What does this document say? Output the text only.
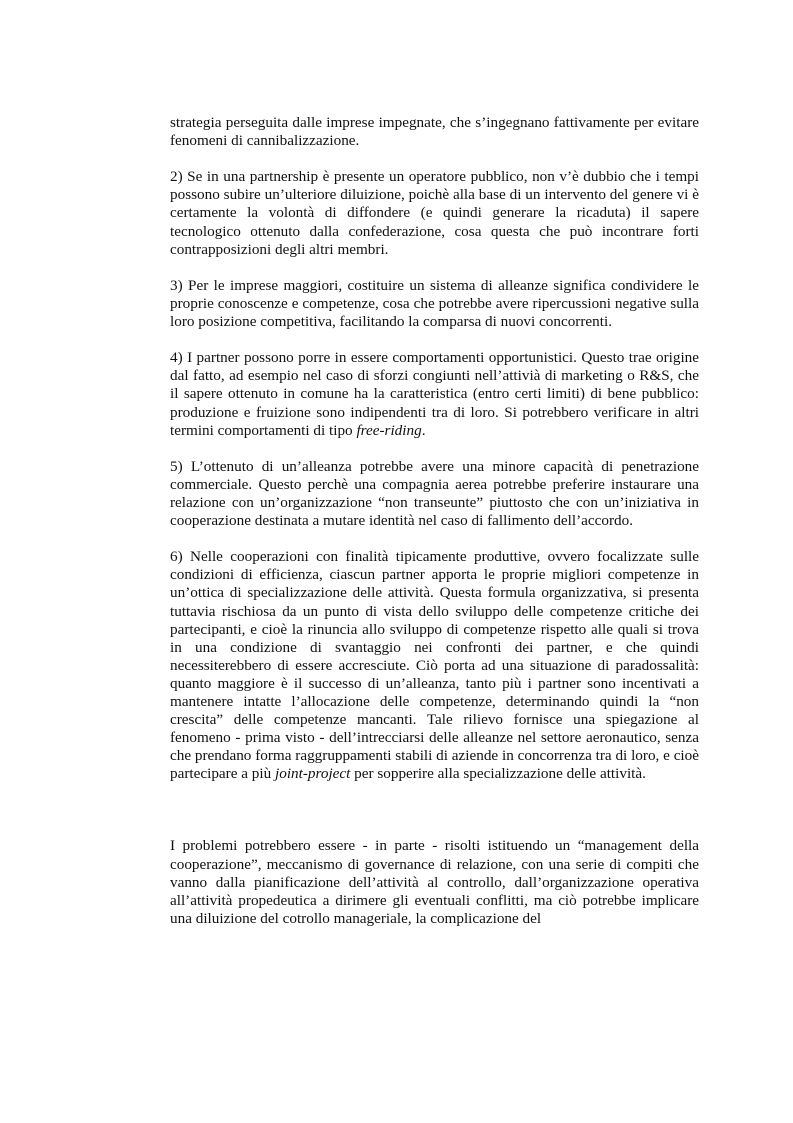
strategia perseguita dalle imprese impegnate, che s’ingegnano fattivamente per evitare fenomeni di cannibalizzazione.

2) Se in una partnership è presente un operatore pubblico, non v’è dubbio che i tempi possono subire un’ulteriore diluizione, poichè alla base di un intervento del genere vi è certamente la volontà di diffondere (e quindi generare la ricaduta) il sapere tecnologico ottenuto dalla confederazione, cosa questa che può incontrare forti contrapposizioni degli altri membri.

3) Per le imprese maggiori, costituire un sistema di alleanze significa condividere le proprie conoscenze e competenze, cosa che potrebbe avere ripercussioni negative sulla loro posizione competitiva, facilitando la comparsa di nuovi concorrenti.

4) I partner possono porre in essere comportamenti opportunistici. Questo trae origine dal fatto, ad esempio nel caso di sforzi congiunti nell’attivià di marketing o R&S, che il sapere ottenuto in comune ha la caratteristica (entro certi limiti) di bene pubblico: produzione e fruizione sono indipendenti tra di loro. Si potrebbero verificare in altri termini comportamenti di tipo free-riding.

5) L’ottenuto di un’alleanza potrebbe avere una minore capacità di penetrazione commerciale. Questo perchè una compagnia aerea potrebbe preferire instaurare una relazione con un’organizzazione “non transeunte” piuttosto che con un’iniziativa in cooperazione destinata a mutare identità nel caso di fallimento dell’accordo.

6) Nelle cooperazioni con finalità tipicamente produttive, ovvero focalizzate sulle condizioni di efficienza, ciascun partner apporta le proprie migliori competenze in un’ottica di specializzazione delle attività. Questa formula organizzativa, si presenta tuttavia rischiosa da un punto di vista dello sviluppo delle competenze critiche dei partecipanti, e cioè la rinuncia allo sviluppo di competenze rispetto alle quali si trova in una condizione di svantaggio nei confronti dei partner, e che quindi necessiterebbero di essere accresciute. Ciò porta ad una situazione di paradossalità: quanto maggiore è il successo di un’alleanza, tanto più i partner sono incentivati a mantenere intatte l’allocazione delle competenze, determinando quindi la “non crescita” delle competenze mancanti. Tale rilievo fornisce una spiegazione al fenomeno - prima visto - dell’intrecciarsi delle alleanze nel settore aeronautico, senza che prendano forma raggruppamenti stabili di aziende in concorrenza tra di loro, e cioè partecipare a più joint-project per sopperire alla specializzazione delle attività.

I problemi potrebbero essere - in parte - risolti istituendo un “management della cooperazione”, meccanismo di governance di relazione, con una serie di compiti che vanno dalla pianificazione dell’attività al controllo, dall’organizzazione operativa all’attività propedeutica a dirimere gli eventuali conflitti, ma ciò potrebbe implicare una diluizione del cotrollo manageriale, la complicazione del
